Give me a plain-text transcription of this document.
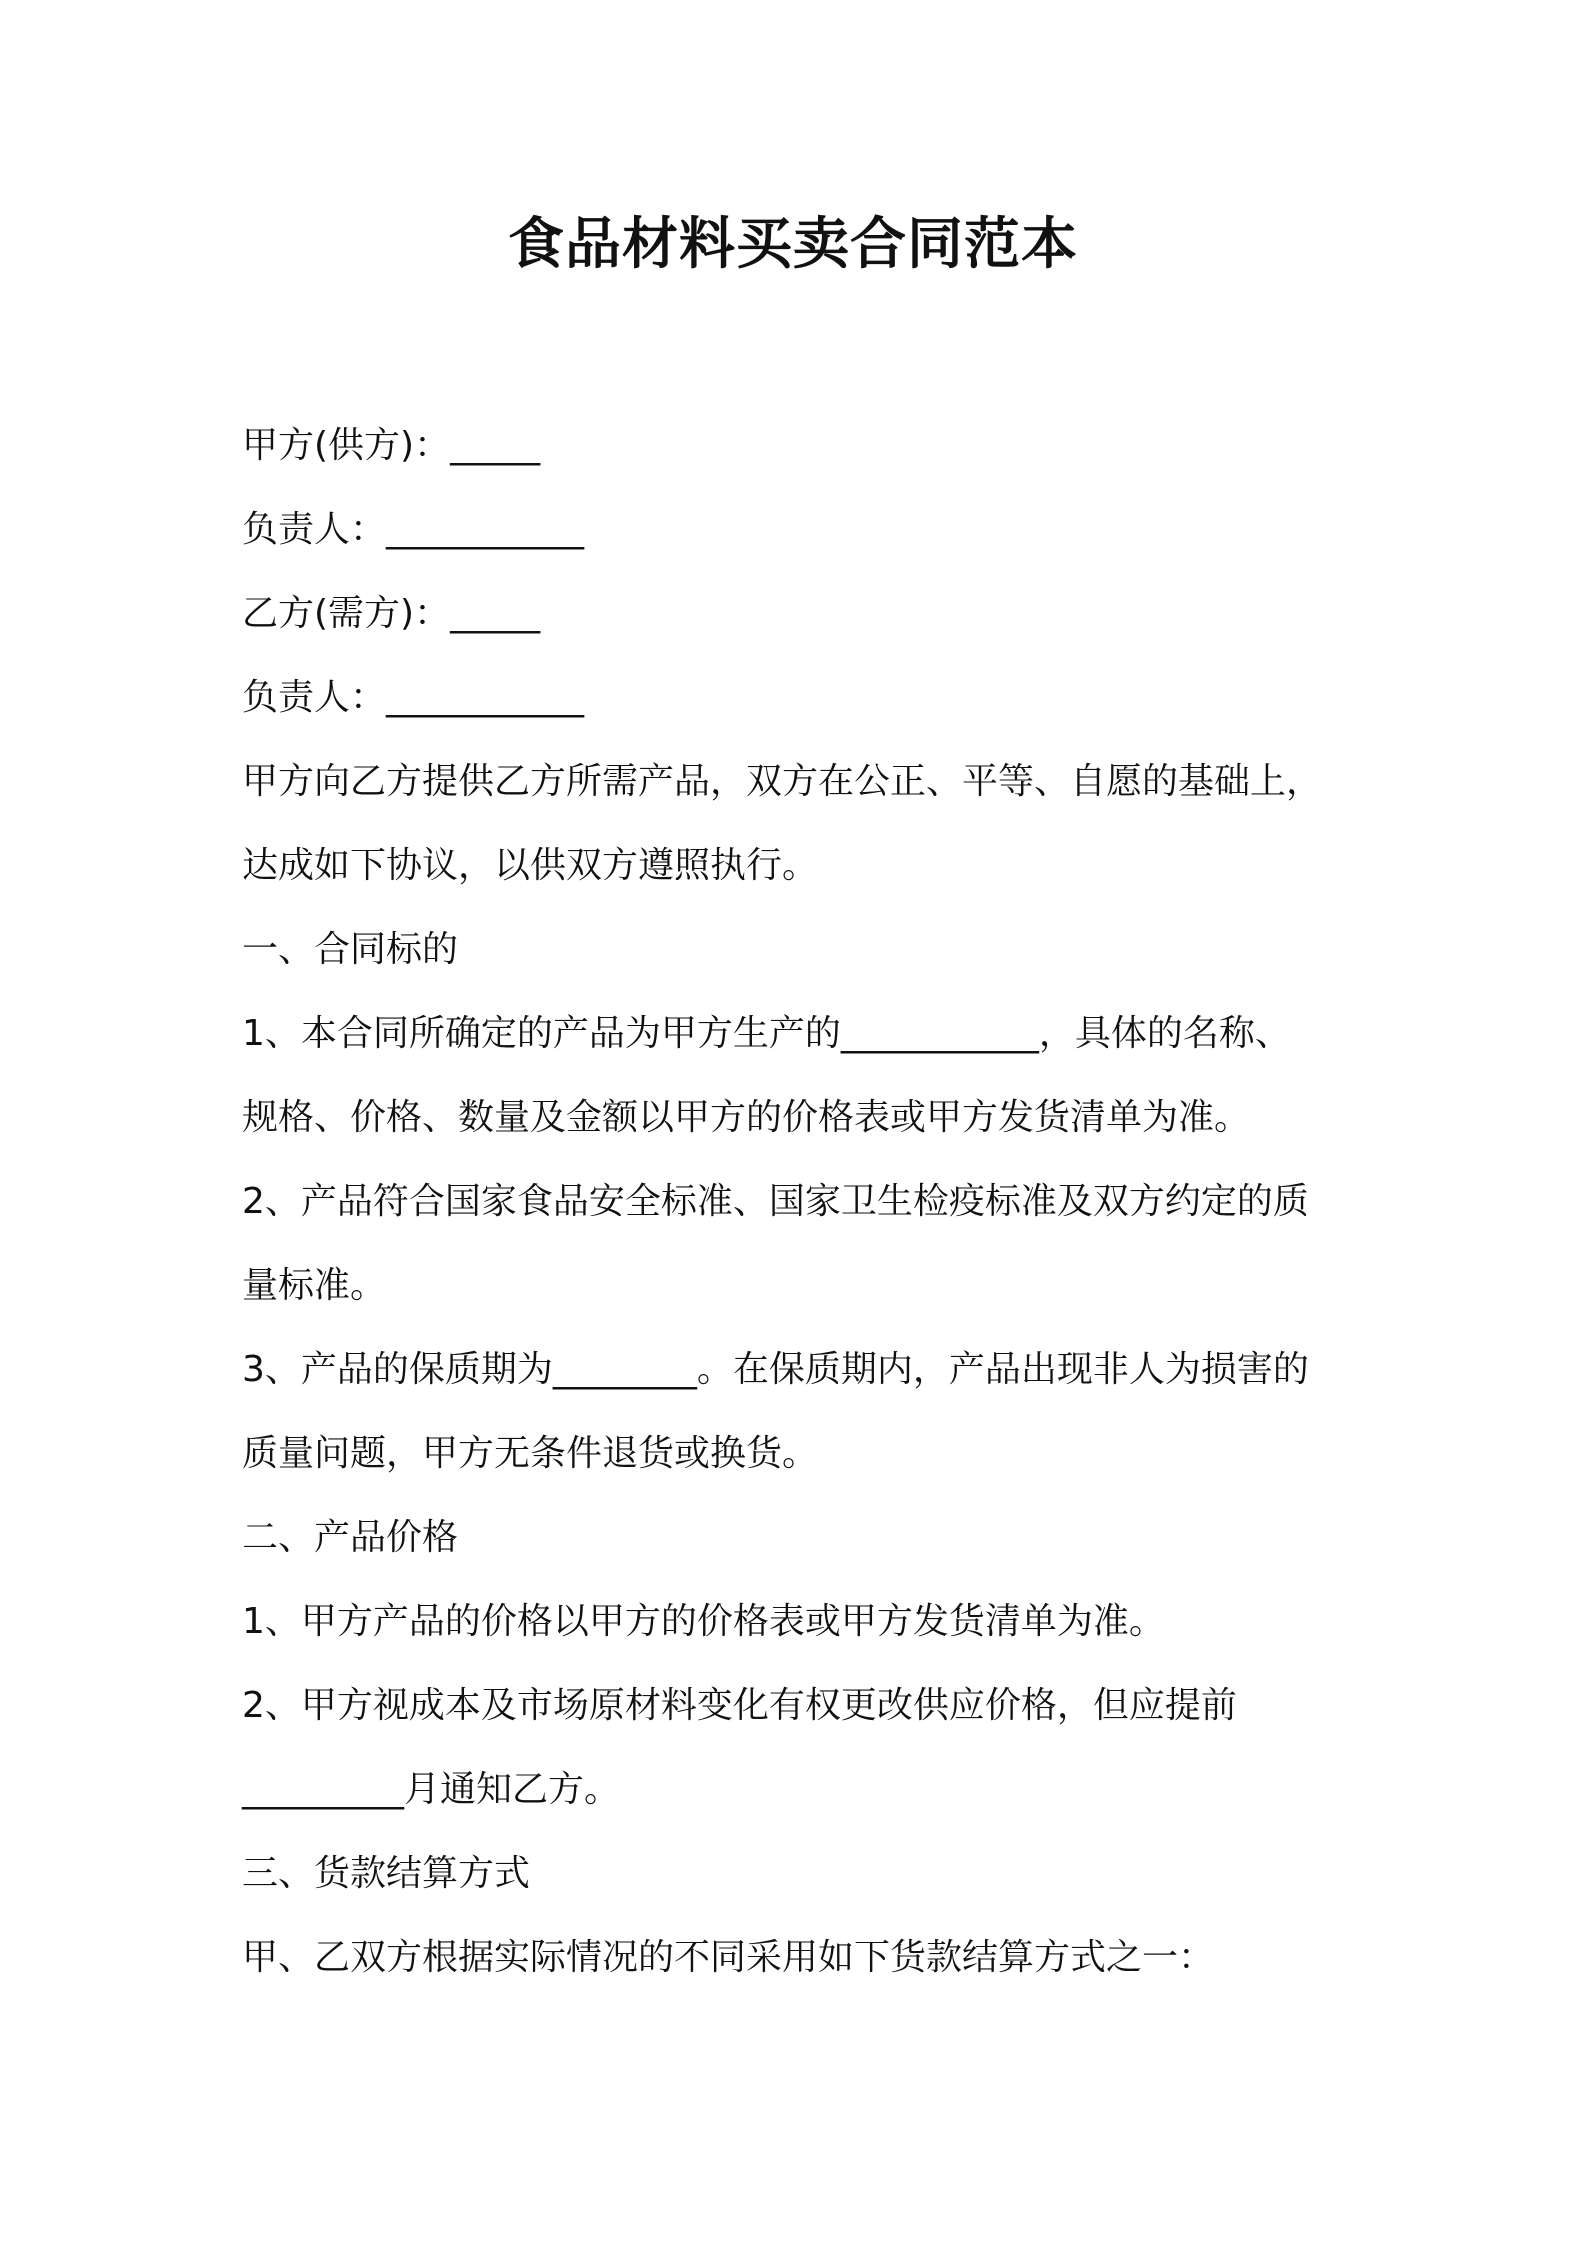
食品材料买卖合同范本

甲方(供方)：_____

负责人：___________

乙方(需方)：_____

负责人：___________

甲方向乙方提供乙方所需产品，双方在公正、平等、自愿的基础上，

达成如下协议，以供双方遵照执行。

一、合同标的

1、本合同所确定的产品为甲方生产的___________，具体的名称、

规格、价格、数量及金额以甲方的价格表或甲方发货清单为准。

2、产品符合国家食品安全标准、国家卫生检疫标准及双方约定的质

量标准。

3、产品的保质期为________。在保质期内，产品出现非人为损害的

质量问题，甲方无条件退货或换货。

二、产品价格

1、甲方产品的价格以甲方的价格表或甲方发货清单为准。

2、甲方视成本及市场原材料变化有权更改供应价格，但应提前

_________月通知乙方。

三、货款结算方式

甲、乙双方根据实际情况的不同采用如下货款结算方式之一：
